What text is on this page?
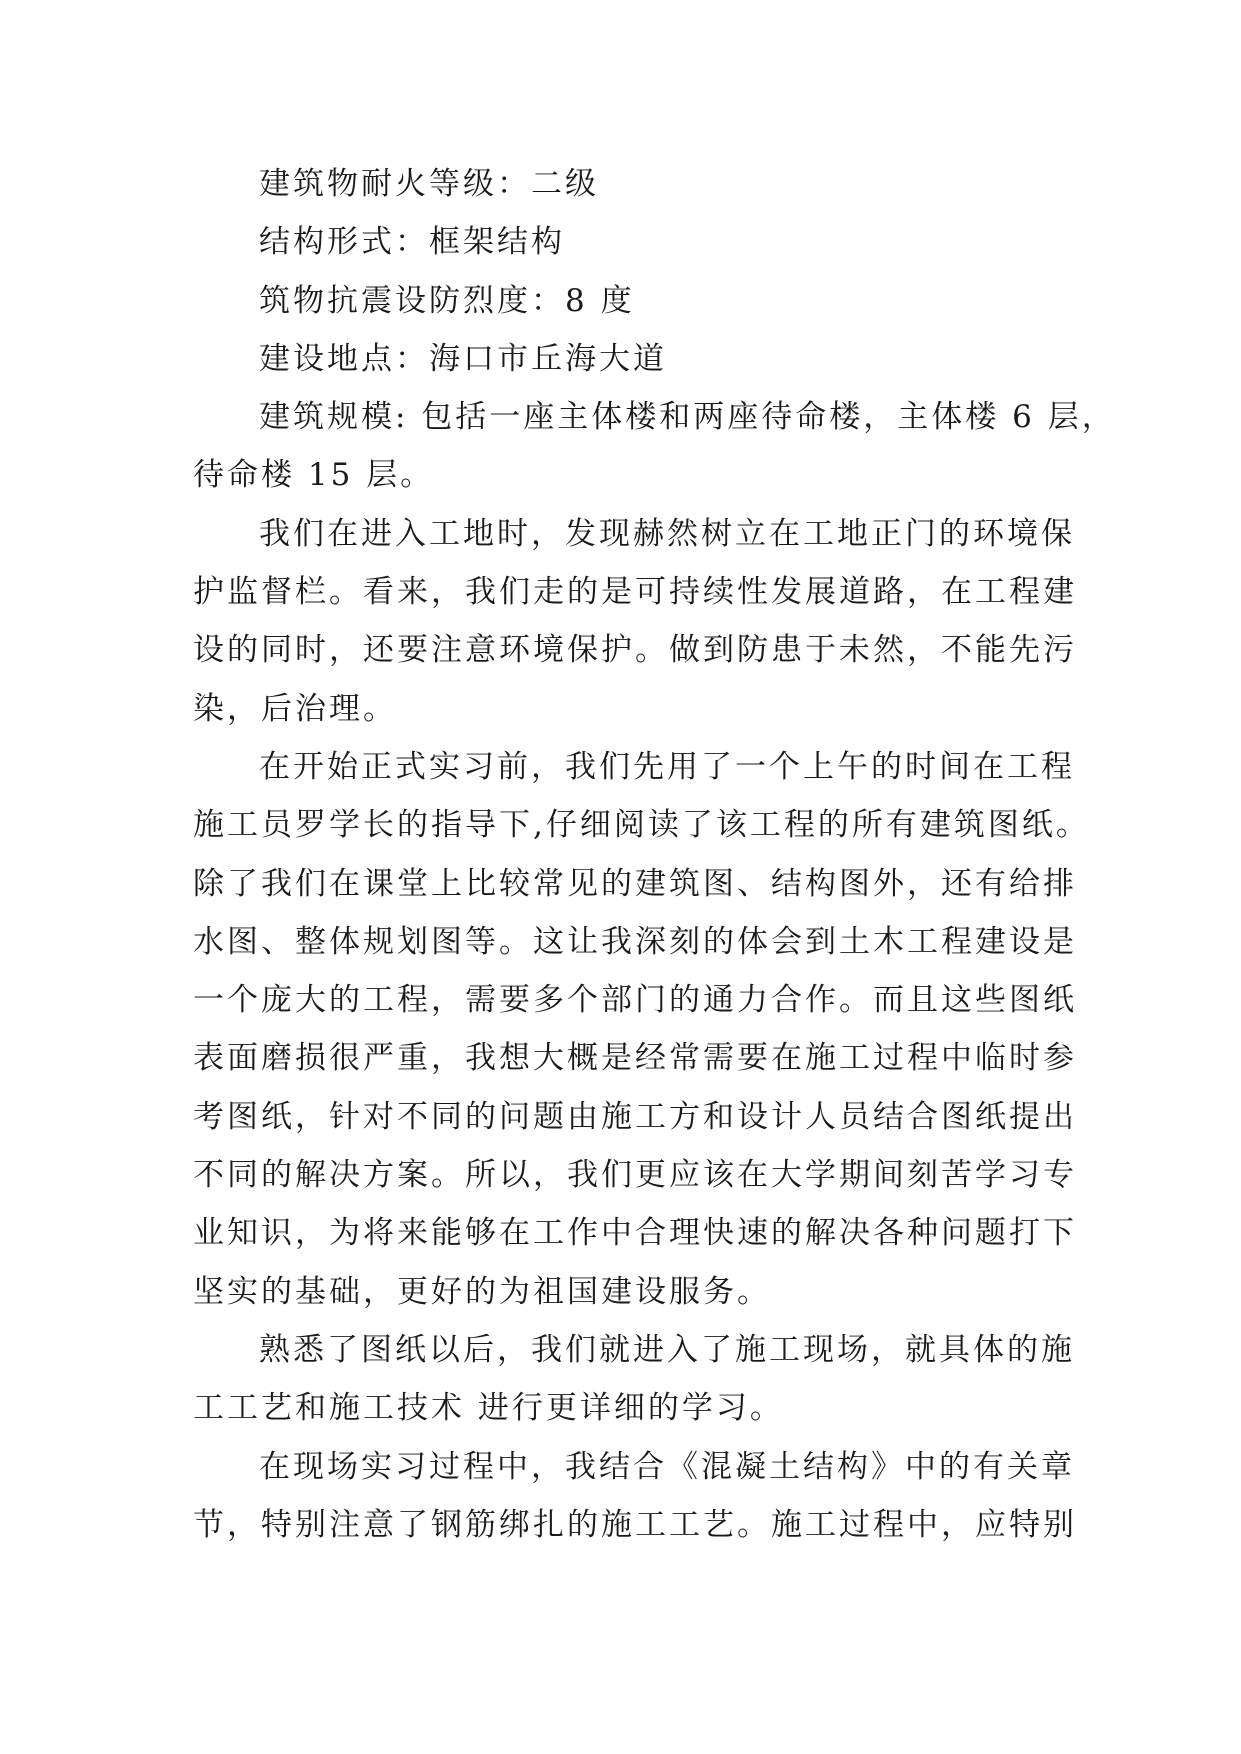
建筑物耐火等级：二级
结构形式：框架结构
筑物抗震设防烈度：8 度
建设地点：海口市丘海大道
建筑规模: 包括一座主体楼和两座待命楼，主体楼 6 层，
待命楼 15 层。
我们在进入工地时，发现赫然树立在工地正门的环境保
护监督栏。看来，我们走的是可持续性发展道路，在工程建
设的同时，还要注意环境保护。做到防患于未然，不能先污
染，后治理。
在开始正式实习前，我们先用了一个上午的时间在工程
施工员罗学长的指导下,仔细阅读了该工程的所有建筑图纸。
除了我们在课堂上比较常见的建筑图、结构图外，还有给排
水图、整体规划图等。这让我深刻的体会到土木工程建设是
一个庞大的工程，需要多个部门的通力合作。而且这些图纸
表面磨损很严重，我想大概是经常需要在施工过程中临时参
考图纸，针对不同的问题由施工方和设计人员结合图纸提出
不同的解决方案。所以，我们更应该在大学期间刻苦学习专
业知识，为将来能够在工作中合理快速的解决各种问题打下
坚实的基础，更好的为祖国建设服务。
熟悉了图纸以后，我们就进入了施工现场，就具体的施
工工艺和施工技术 进行更详细的学习。
在现场实习过程中，我结合《混凝土结构》中的有关章
节，特别注意了钢筋绑扎的施工工艺。施工过程中，应特别
